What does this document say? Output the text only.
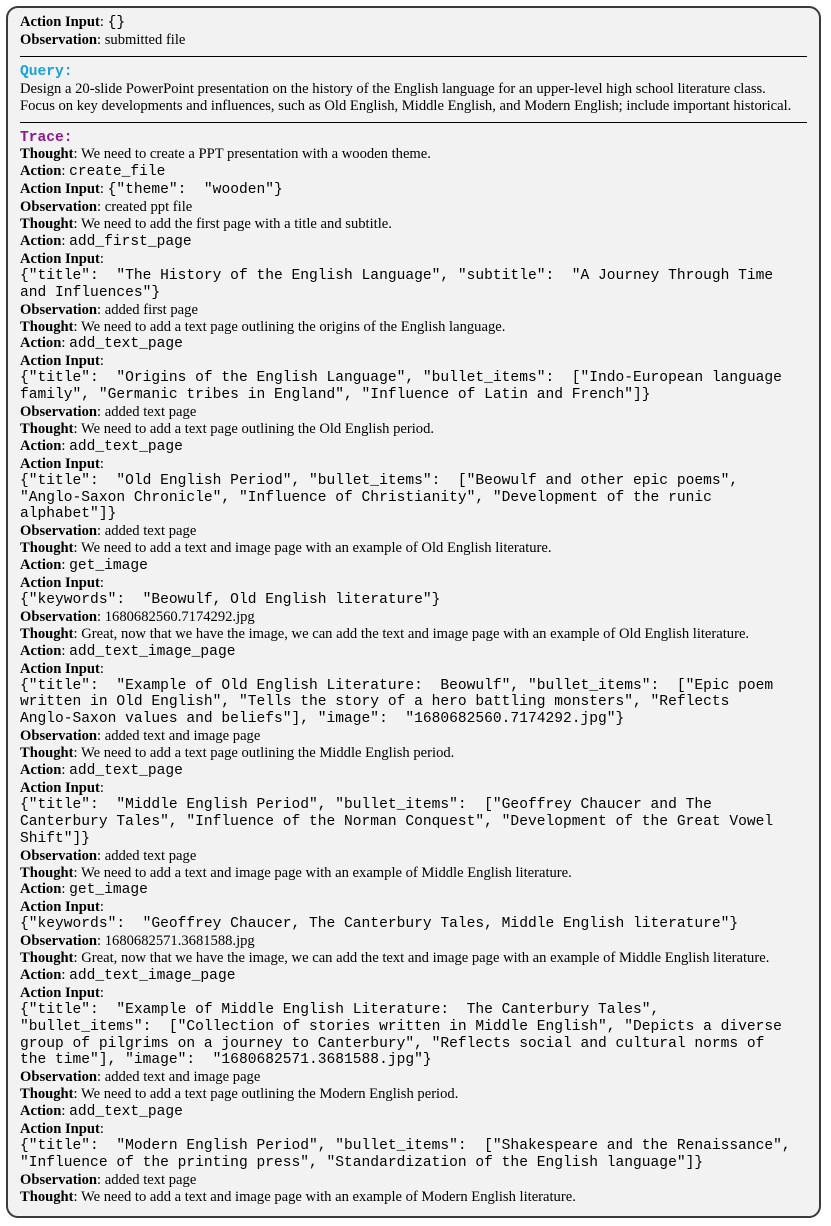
Action Input: {}
Observation: submitted file
Query:
Design a 20-slide PowerPoint presentation on the history of the English language for an upper-level high school literature class.
Focus on key developments and influences, such as Old English, Middle English, and Modern English; include important historical.
Trace:
Thought: We need to create a PPT presentation with a wooden theme.
Action: create_file
Action Input: {"theme":  "wooden"}
Observation: created ppt file
Thought: We need to add the first page with a title and subtitle.
Action: add_first_page
Action Input:
{"title":  "The History of the English Language", "subtitle":  "A Journey Through Time
and Influences"}
Observation: added first page
Thought: We need to add a text page outlining the origins of the English language.
Action: add_text_page
Action Input:
{"title":  "Origins of the English Language", "bullet_items":  ["Indo-European language
family", "Germanic tribes in England", "Influence of Latin and French"]}
Observation: added text page
Thought: We need to add a text page outlining the Old English period.
Action: add_text_page
Action Input:
{"title":  "Old English Period", "bullet_items":  ["Beowulf and other epic poems",
"Anglo-Saxon Chronicle", "Influence of Christianity", "Development of the runic
alphabet"]}
Observation: added text page
Thought: We need to add a text and image page with an example of Old English literature.
Action: get_image
Action Input:
{"keywords":  "Beowulf, Old English literature"}
Observation: 1680682560.7174292.jpg
Thought: Great, now that we have the image, we can add the text and image page with an example of Old English literature.
Action: add_text_image_page
Action Input:
{"title":  "Example of Old English Literature:  Beowulf", "bullet_items":  ["Epic poem
written in Old English", "Tells the story of a hero battling monsters", "Reflects
Anglo-Saxon values and beliefs"], "image":  "1680682560.7174292.jpg"}
Observation: added text and image page
Thought: We need to add a text page outlining the Middle English period.
Action: add_text_page
Action Input:
{"title":  "Middle English Period", "bullet_items":  ["Geoffrey Chaucer and The
Canterbury Tales", "Influence of the Norman Conquest", "Development of the Great Vowel
Shift"]}
Observation: added text page
Thought: We need to add a text and image page with an example of Middle English literature.
Action: get_image
Action Input:
{"keywords":  "Geoffrey Chaucer, The Canterbury Tales, Middle English literature"}
Observation: 1680682571.3681588.jpg
Thought: Great, now that we have the image, we can add the text and image page with an example of Middle English literature.
Action: add_text_image_page
Action Input:
{"title":  "Example of Middle English Literature:  The Canterbury Tales",
"bullet_items":  ["Collection of stories written in Middle English", "Depicts a diverse
group of pilgrims on a journey to Canterbury", "Reflects social and cultural norms of
the time"], "image":  "1680682571.3681588.jpg"}
Observation: added text and image page
Thought: We need to add a text page outlining the Modern English period.
Action: add_text_page
Action Input:
{"title":  "Modern English Period", "bullet_items":  ["Shakespeare and the Renaissance",
"Influence of the printing press", "Standardization of the English language"]}
Observation: added text page
Thought: We need to add a text and image page with an example of Modern English literature.
